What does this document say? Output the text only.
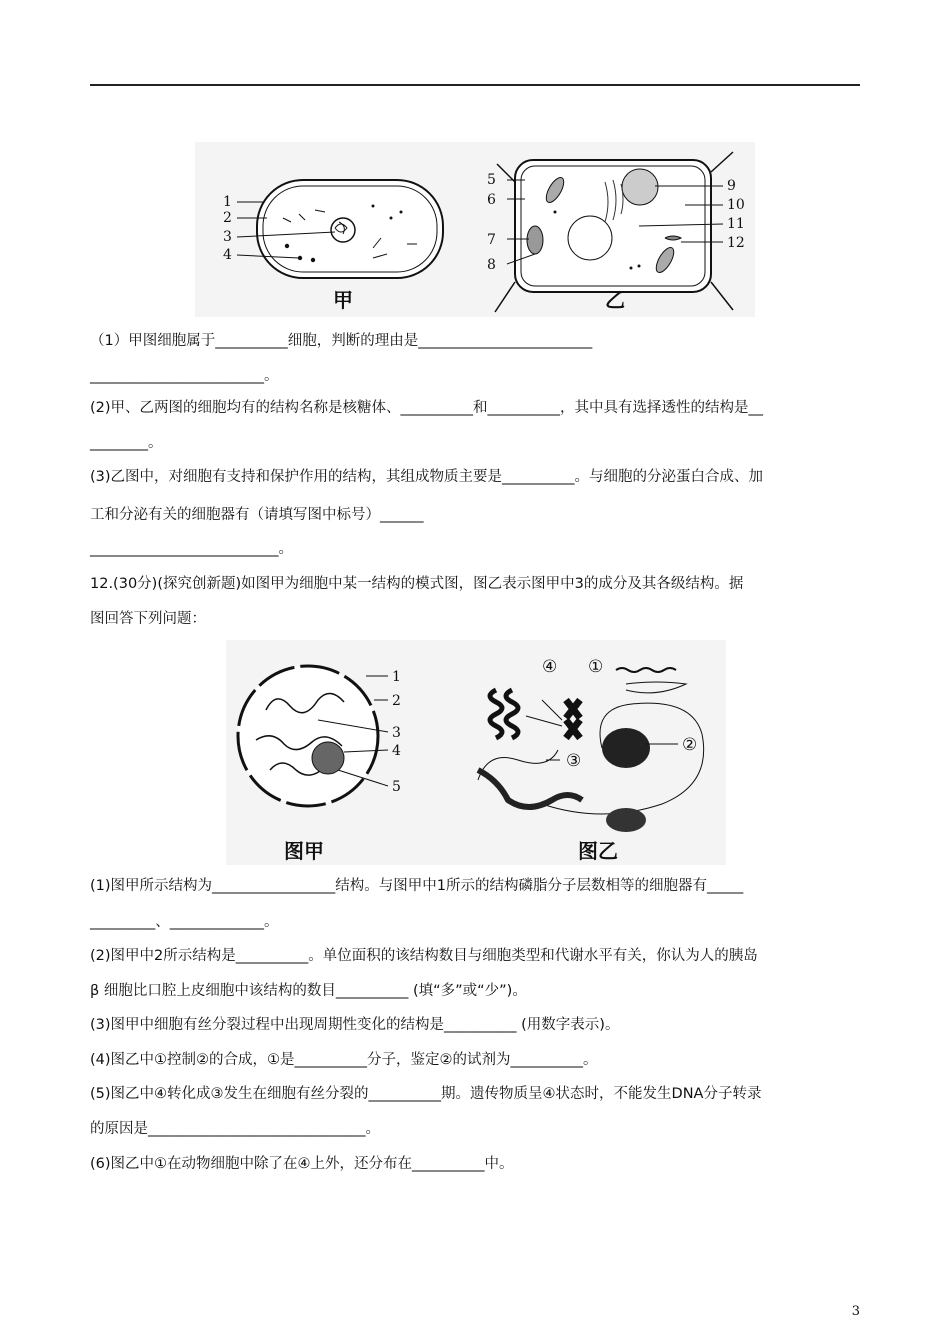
1
2
3
4
甲
5
6
7
8
9
10
11
12
乙
（1）甲图细胞属于__________细胞，判断的理由是________________________
________________________。
(2)甲、乙两图的细胞均有的结构名称是核糖体、__________和__________，其中具有选择透性的结构是__
________。
(3)乙图中，对细胞有支持和保护作用的结构，其组成物质主要是__________。与细胞的分泌蛋白合成、加
工和分泌有关的细胞器有（请填写图中标号）______
__________________________。
12.(30分)(探究创新题)如图甲为细胞中某一结构的模式图，图乙表示图甲中3的成分及其各级结构。据
图回答下列问题：
1
2
3
4
5
图甲
④ ①
②
③
图乙
(1)图甲所示结构为_________________结构。与图甲中1所示的结构磷脂分子层数相等的细胞器有_____
_________、_____________。
(2)图甲中2所示结构是__________。单位面积的该结构数目与细胞类型和代谢水平有关，你认为人的胰岛
β 细胞比口腔上皮细胞中该结构的数目__________ (填“多”或“少”)。
(3)图甲中细胞有丝分裂过程中出现周期性变化的结构是__________ (用数字表示)。
(4)图乙中①控制②的合成，①是__________分子，鉴定②的试剂为__________。
(5)图乙中④转化成③发生在细胞有丝分裂的__________期。遗传物质呈④状态时，不能发生DNA分子转录
的原因是______________________________。
(6)图乙中①在动物细胞中除了在④上外，还分布在__________中。
3
